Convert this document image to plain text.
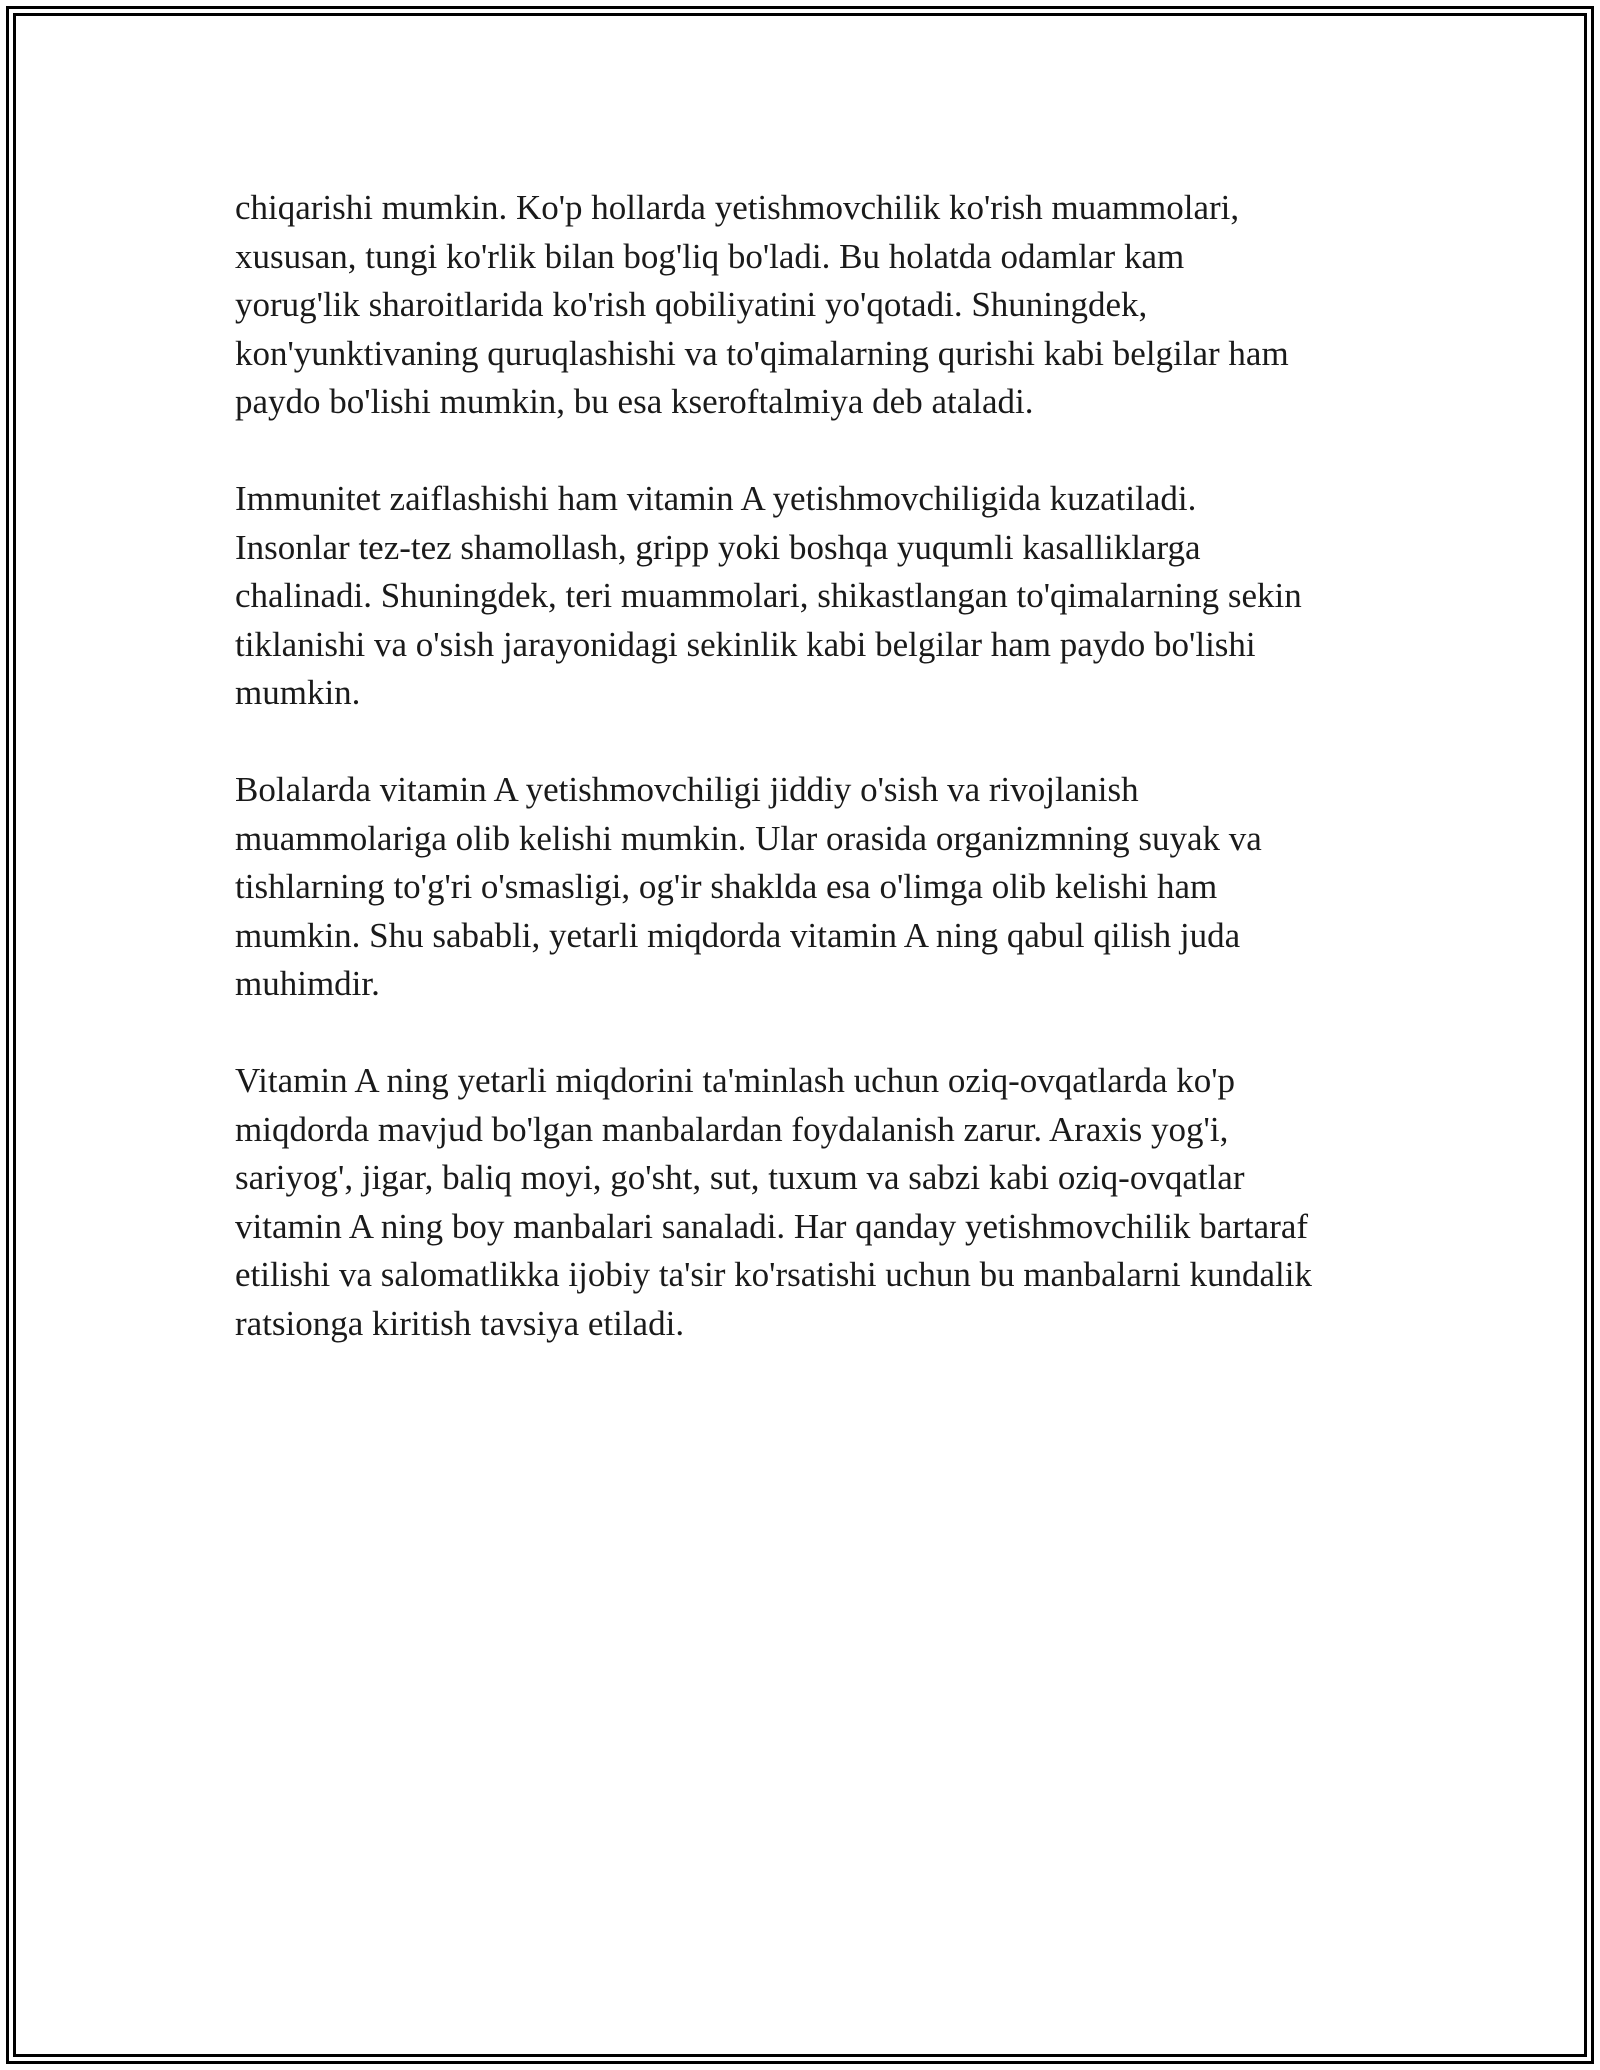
chiqarishi mumkin. Ko'p hollarda yetishmovchilik ko'rish muammolari,
xususan, tungi ko'rlik bilan bog'liq bo'ladi. Bu holatda odamlar kam
yorug'lik sharoitlarida ko'rish qobiliyatini yo'qotadi. Shuningdek,
kon'yunktivaning quruqlashishi va to'qimalarning qurishi kabi belgilar ham
paydo bo'lishi mumkin, bu esa kseroftalmiya deb ataladi.

Immunitet zaiflashishi ham vitamin A yetishmovchiligida kuzatiladi.
Insonlar tez-tez shamollash, gripp yoki boshqa yuqumli kasalliklarga
chalinadi. Shuningdek, teri muammolari, shikastlangan to'qimalarning sekin
tiklanishi va o'sish jarayonidagi sekinlik kabi belgilar ham paydo bo'lishi
mumkin.

Bolalarda vitamin A yetishmovchiligi jiddiy o'sish va rivojlanish
muammolariga olib kelishi mumkin. Ular orasida organizmning suyak va
tishlarning to'g'ri o'smasligi, og'ir shakldа esa o'limga olib kelishi ham
mumkin. Shu sababli, yetarli miqdorda vitamin A ning qabul qilish juda
muhimdir.

Vitamin A ning yetarli miqdorini ta'minlash uchun oziq-ovqatlarda ko'p
miqdorda mavjud bo'lgan manbalardan foydalanish zarur. Araxis yog'i,
sariyog', jigar, baliq moyi, go'sht, sut, tuxum va sabzi kabi oziq-ovqatlar
vitamin A ning boy manbalari sanaladi. Har qanday yetishmovchilik bartaraf
etilishi va salomatlikka ijobiy ta'sir ko'rsatishi uchun bu manbalarni kundalik
ratsionga kiritish tavsiya etiladi.
